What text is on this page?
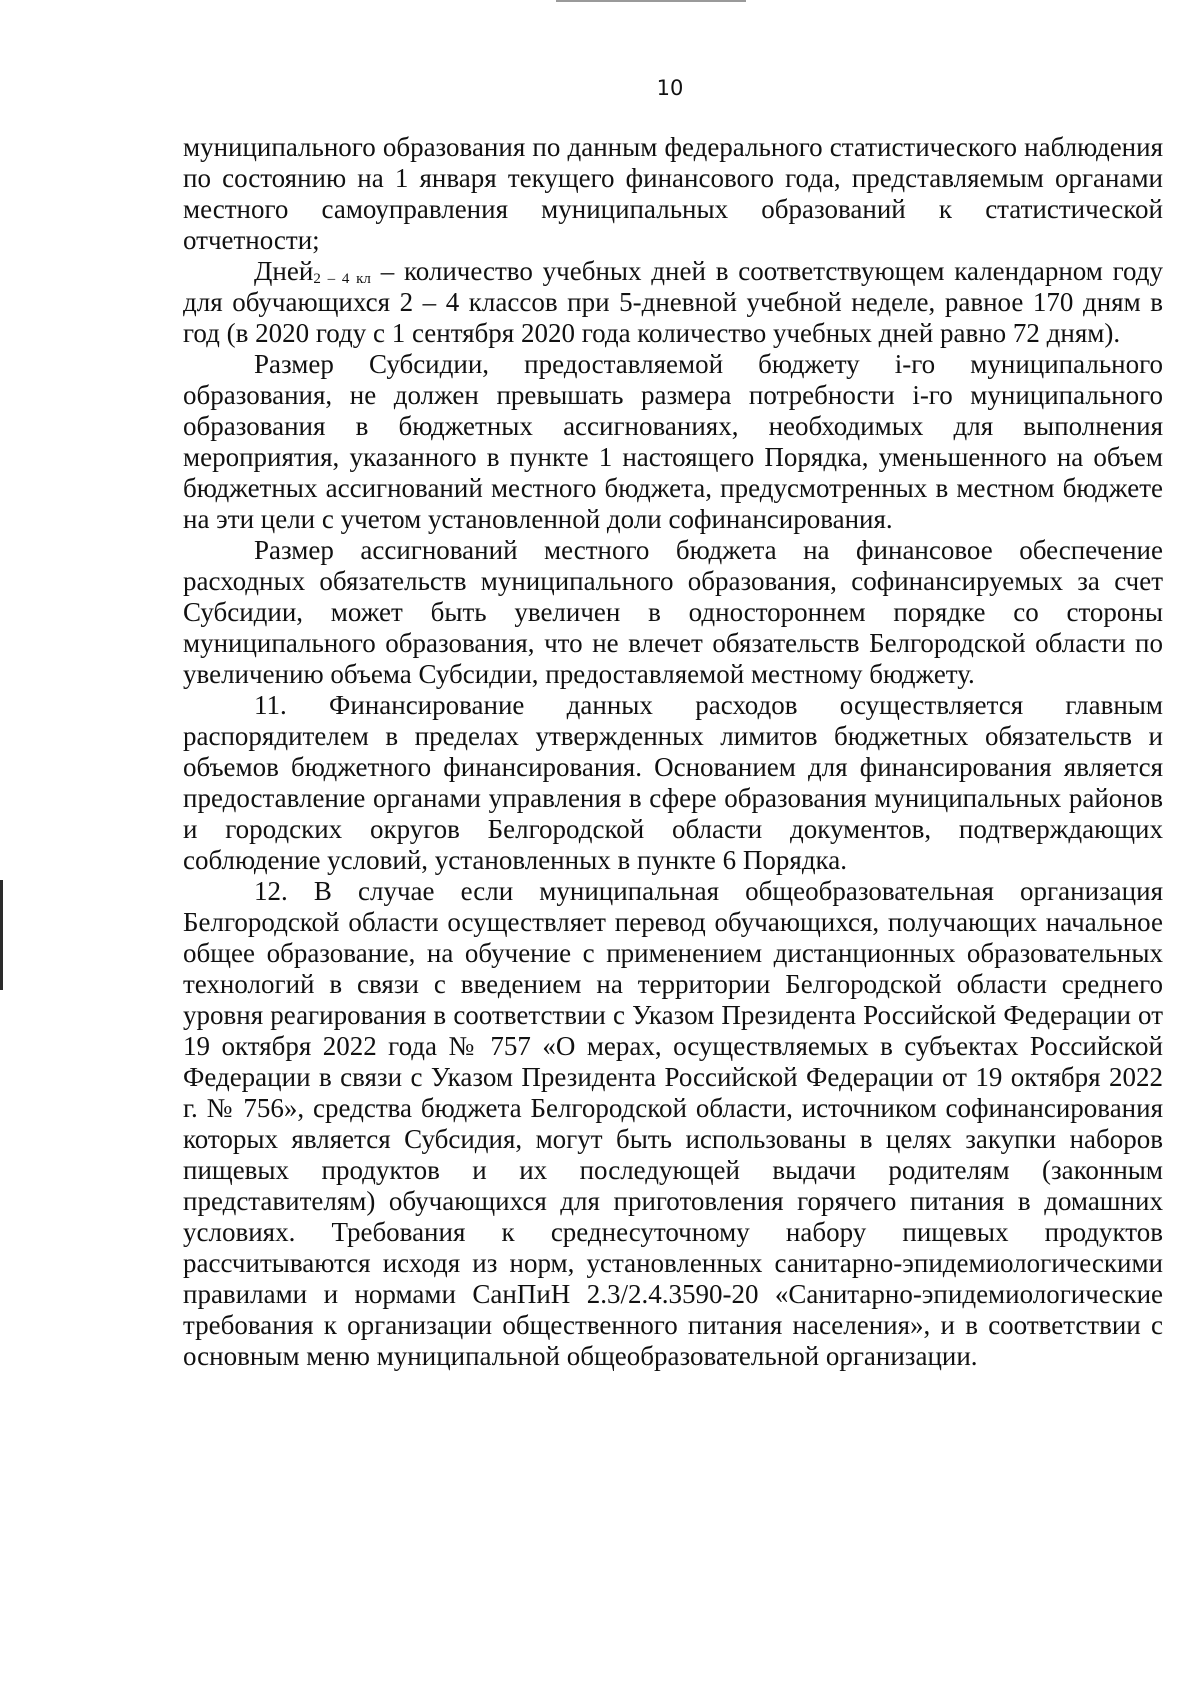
10

муниципального образования по данным федерального статистического наблюдения по состоянию на 1 января текущего финансового года, представляемым органами местного самоуправления муниципальных образований к статистической отчетности;

Дней$_{2 - 4 кл}$ – количество учебных дней в соответствующем календарном году для обучающихся 2 – 4 классов при 5-дневной учебной неделе, равное 170 дням в год (в 2020 году с 1 сентября 2020 года количество учебных дней равно 72 дням).

Размер Субсидии, предоставляемой бюджету i-го муниципального образования, не должен превышать размера потребности i-го муниципального образования в бюджетных ассигнованиях, необходимых для выполнения мероприятия, указанного в пункте 1 настоящего Порядка, уменьшенного на объем бюджетных ассигнований местного бюджета, предусмотренных в местном бюджете на эти цели с учетом установленной доли софинансирования.

Размер ассигнований местного бюджета на финансовое обеспечение расходных обязательств муниципального образования, софинансируемых за счет Субсидии, может быть увеличен в одностороннем порядке со стороны муниципального образования, что не влечет обязательств Белгородской области по увеличению объема Субсидии, предоставляемой местному бюджету.

11. Финансирование данных расходов осуществляется главным распорядителем в пределах утвержденных лимитов бюджетных обязательств и объемов бюджетного финансирования. Основанием для финансирования является предоставление органами управления в сфере образования муниципальных районов и городских округов Белгородской области документов, подтверждающих соблюдение условий, установленных в пункте 6 Порядка.

12. В случае если муниципальная общеобразовательная организация Белгородской области осуществляет перевод обучающихся, получающих начальное общее образование, на обучение с применением дистанционных образовательных технологий в связи с введением на территории Белгородской области среднего уровня реагирования в соответствии с Указом Президента Российской Федерации от 19 октября 2022 года № 757 «О мерах, осуществляемых в субъектах Российской Федерации в связи с Указом Президента Российской Федерации от 19 октября 2022 г. № 756», средства бюджета Белгородской области, источником софинансирования которых является Субсидия, могут быть использованы в целях закупки наборов пищевых продуктов и их последующей выдачи родителям (законным представителям) обучающихся для приготовления горячего питания в домашних условиях. Требования к среднесуточному набору пищевых продуктов рассчитываются исходя из норм, установленных санитарно-эпидемиологическими правилами и нормами СанПиН 2.3/2.4.3590-20 «Санитарно-эпидемиологические требования к организации общественного питания населения», и в соответствии с основным меню муниципальной общеобразовательной организации.
